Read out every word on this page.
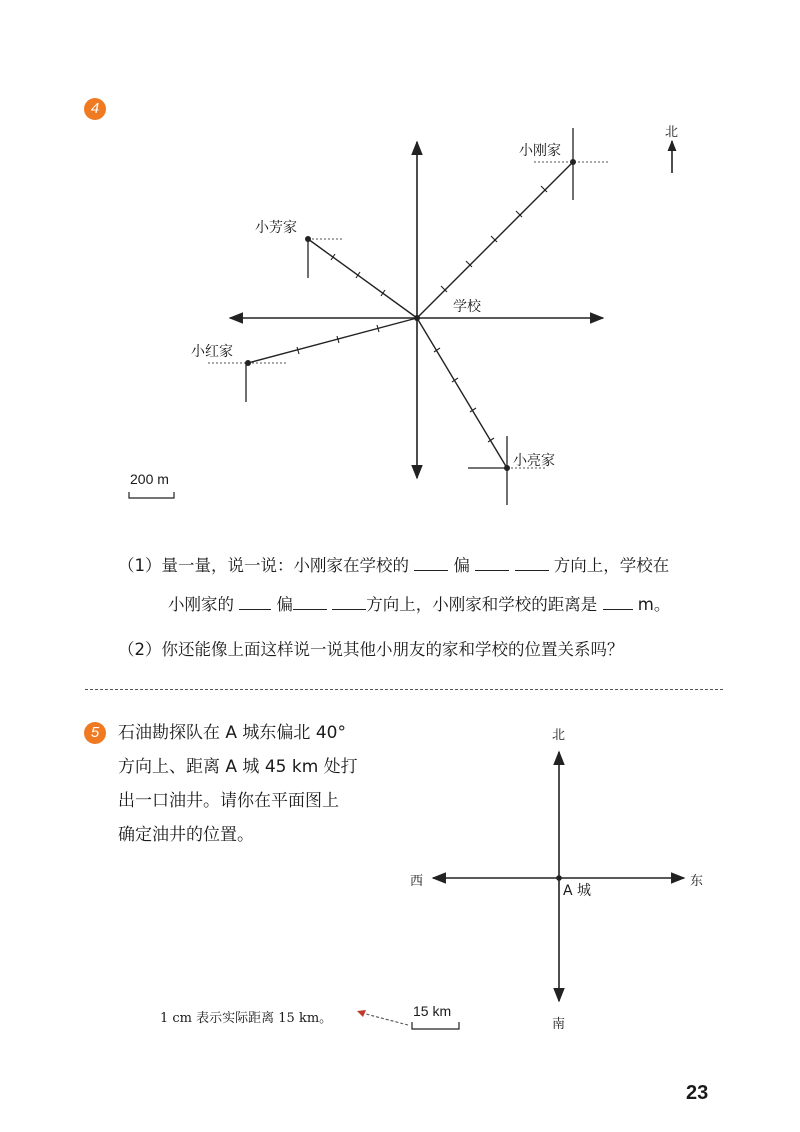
4
北
小刚家
小芳家
学校
小红家
小亮家
200 m
（1）量一量，说一说：小刚家在学校的	偏	方向上，学校在
小刚家的	偏	方向上，小刚家和学校的距离是 m。
（2）你还能像上面这样说一说其他小朋友的家和学校的位置关系吗？
5	石油勘探队在 A 城东偏北 40°
方向上、距离 A 城 45 km 处打
出一口油井。请你在平面图上
确定油井的位置。
北
南
西	东
A 城
15 km
1 cm 表示实际距离 15 km。
23
